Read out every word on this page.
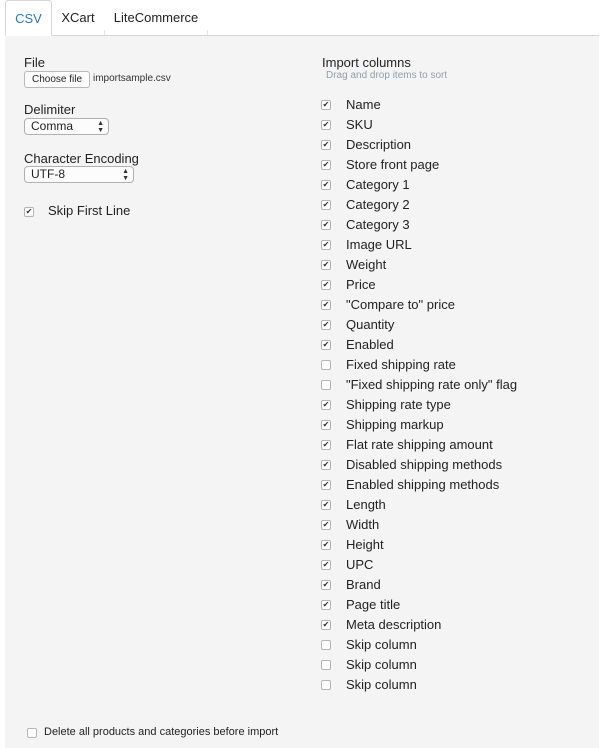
CSV	XCart	LiteCommerce
File
Choose file	importsample.csv
Delimiter
Comma	▲
▼
Character Encoding
UTF-8	▲
▼
✔ Skip First Line
Import columns
Drag and drop items to sort
✔ Name
✔ SKU
✔ Description
✔ Store front page
✔ Category 1
✔ Category 2
✔ Category 3
✔ Image URL
✔ Weight
✔ Price
✔ "Compare to" price
✔ Quantity
✔ Enabled
Fixed shipping rate
"Fixed shipping rate only" flag
✔ Shipping rate type
✔ Shipping markup
✔ Flat rate shipping amount
✔ Disabled shipping methods
✔ Enabled shipping methods
✔ Length
✔ Width
✔ Height
✔ UPC
✔ Brand
✔ Page title
✔ Meta description
Skip column
Skip column
Skip column
Delete all products and categories before import
